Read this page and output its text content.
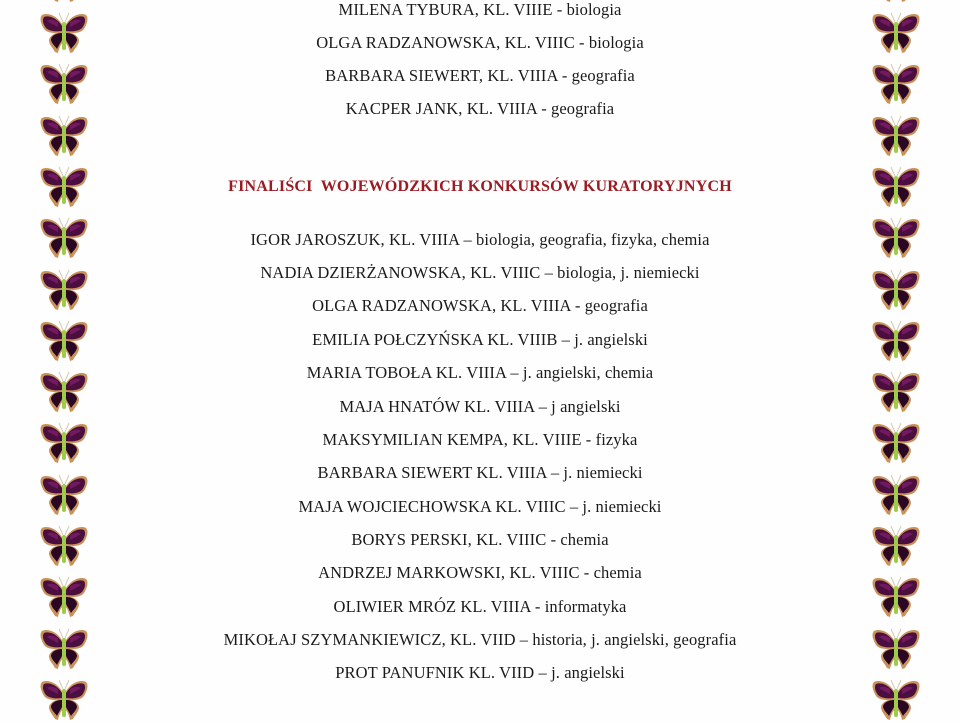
MILENA TYBURA, KL. VIIIE - biologia
OLGA RADZANOWSKA, KL. VIIIC - biologia
BARBARA SIEWERT, KL. VIIIA - geografia
KACPER JANK, KL. VIIIA - geografia
FINALIŚCI  WOJEWÓDZKICH KONKURSÓW KURATORYJNYCH
IGOR JAROSZUK, KL. VIIIA – biologia, geografia, fizyka, chemia
NADIA DZIERŻANOWSKA, KL. VIIIC – biologia, j. niemiecki
OLGA RADZANOWSKA, KL. VIIIA - geografia
EMILIA POŁCZYŃSKA KL. VIIIB – j. angielski
MARIA TOBOŁA KL. VIIIA – j. angielski, chemia
MAJA HNATÓW KL. VIIIA – j angielski
MAKSYMILIAN KEMPA, KL. VIIIE - fizyka
BARBARA SIEWERT KL. VIIIA – j. niemiecki
MAJA WOJCIECHOWSKA KL. VIIIC – j. niemiecki
BORYS PERSKI, KL. VIIIC - chemia
ANDRZEJ MARKOWSKI, KL. VIIIC - chemia
OLIWIER MRÓZ KL. VIIIA - informatyka
MIKOŁAJ SZYMANKIEWICZ, KL. VIID – historia, j. angielski, geografia
PROT PANUFNIK KL. VIID – j. angielski
